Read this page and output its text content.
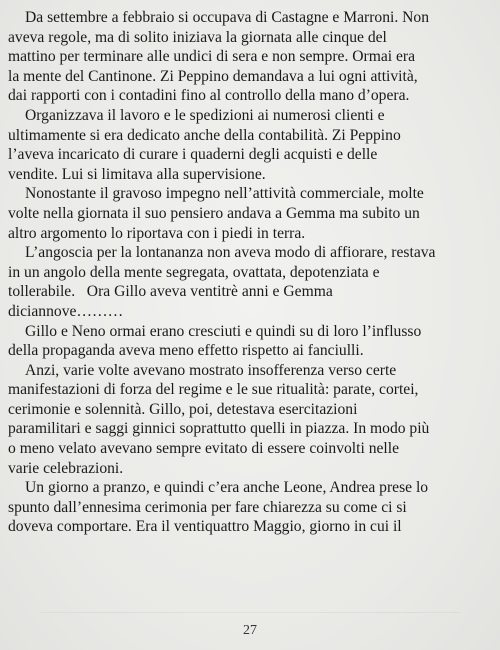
Da settembre a febbraio si occupava di Castagne e Marroni. Non
aveva regole, ma di solito iniziava la giornata alle cinque del
mattino per terminare alle undici di sera e non sempre. Ormai era
la mente del Cantinone. Zi Peppino demandava a lui ogni attività,
dai rapporti con i contadini fino al controllo della mano d’opera.
Organizzava il lavoro e le spedizioni ai numerosi clienti e
ultimamente si era dedicato anche della contabilità. Zi Peppino
l’aveva incaricato di curare i quaderni degli acquisti e delle
vendite. Lui si limitava alla supervisione.
Nonostante il gravoso impegno nell’attività commerciale, molte
volte nella giornata il suo pensiero andava a Gemma ma subito un
altro argomento lo riportava con i piedi in terra.
L’angoscia per la lontananza non aveva modo di affiorare, restava
in un angolo della mente segregata, ovattata, depotenziata e
tollerabile.   Ora Gillo aveva ventitrè anni e Gemma
diciannove………
Gillo e Neno ormai erano cresciuti e quindi su di loro l’influsso
della propaganda aveva meno effetto rispetto ai fanciulli.
Anzi, varie volte avevano mostrato insofferenza verso certe
manifestazioni di forza del regime e le sue ritualità: parate, cortei,
cerimonie e solennità. Gillo, poi, detestava esercitazioni
paramilitari e saggi ginnici soprattutto quelli in piazza. In modo più
o meno velato avevano sempre evitato di essere coinvolti nelle
varie celebrazioni.
Un giorno a pranzo, e quindi c’era anche Leone, Andrea prese lo
spunto dall’ennesima cerimonia per fare chiarezza su come ci si
doveva comportare. Era il ventiquattro Maggio, giorno in cui il
27
